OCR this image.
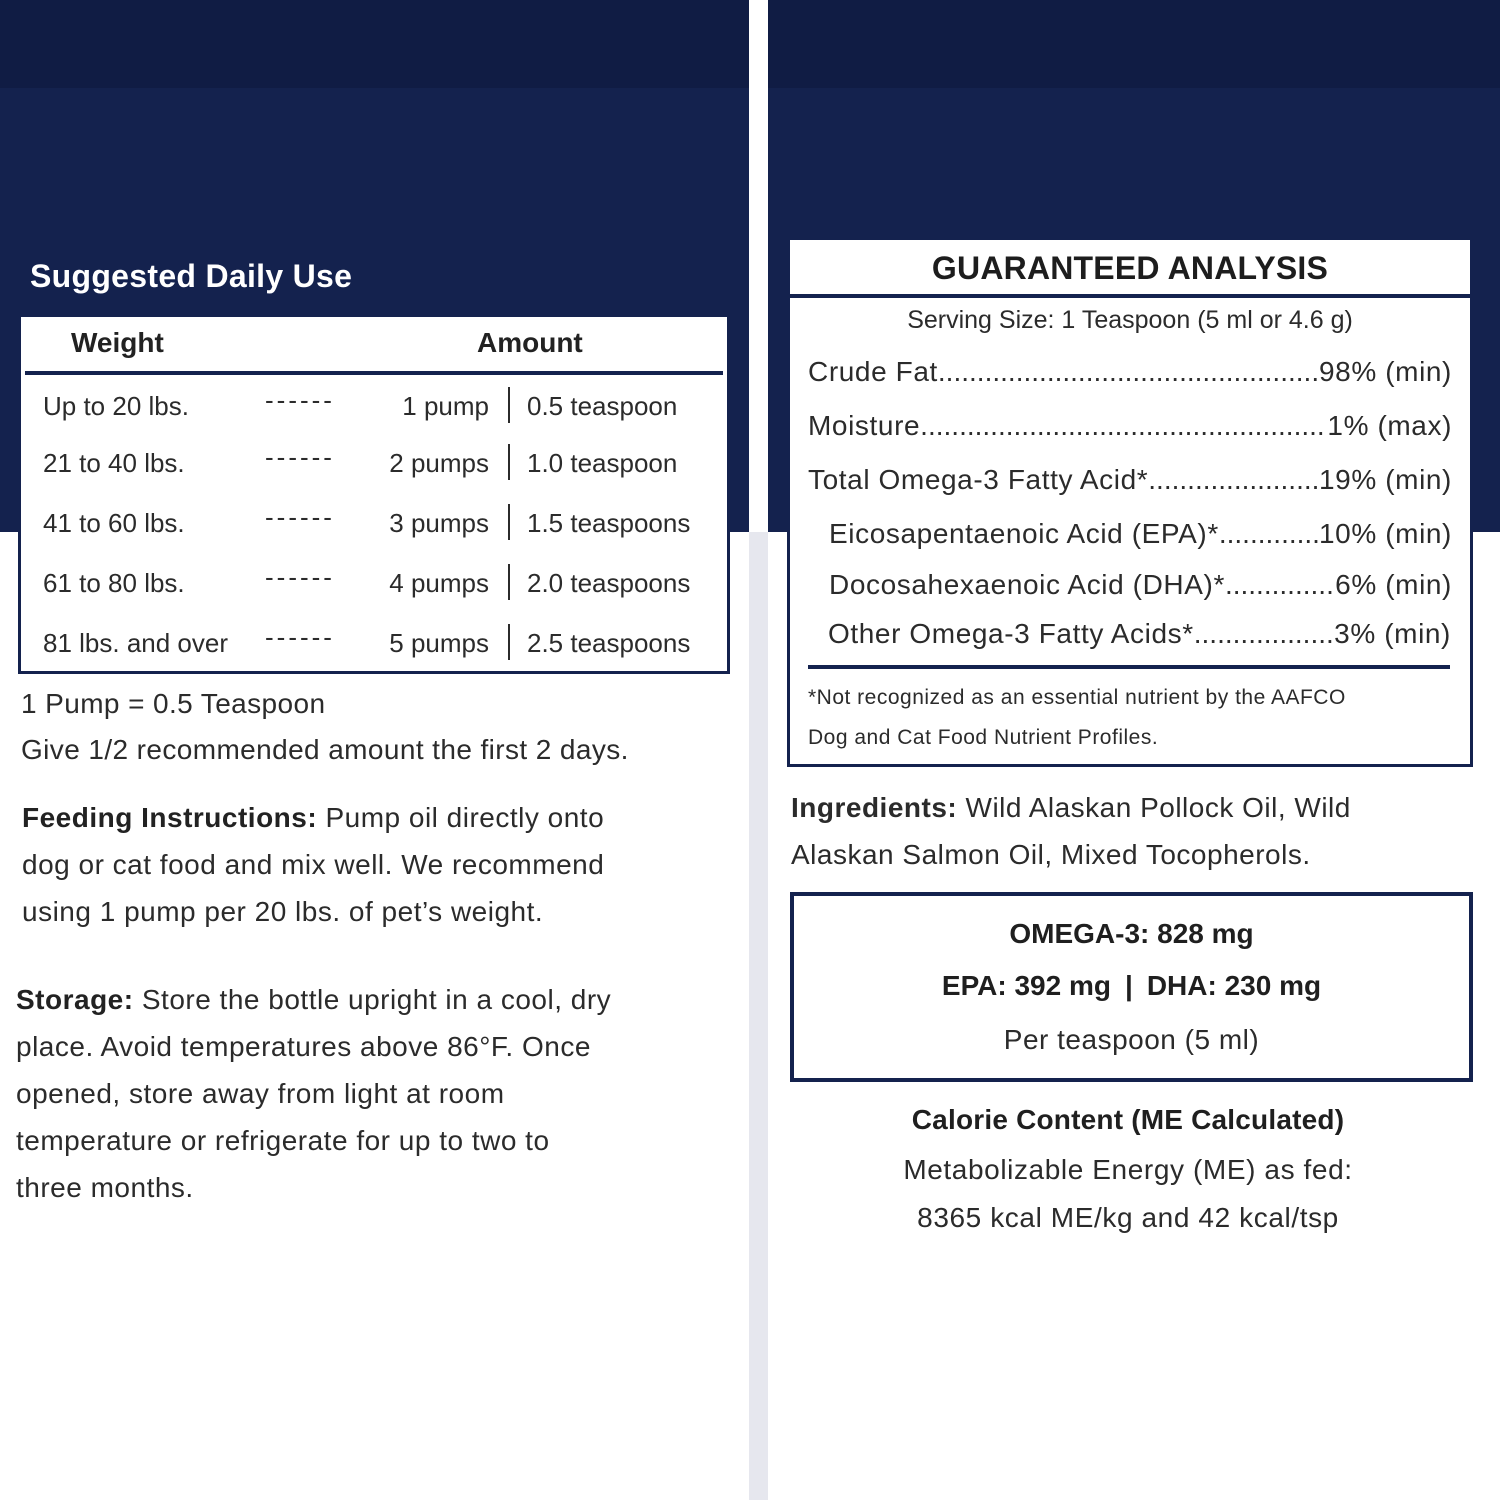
Suggested Daily Use
Weight	Amount
Up to 20 lbs.	------	1 pump 0.5 teaspoon
21 to 40 lbs.	------ 2 pumps 1.0 teaspoon
41 to 60 lbs.	------ 3 pumps 1.5 teaspoons
61 to 80 lbs.	------ 4 pumps 2.0 teaspoons
81 lbs. and over ------ 5 pumps 2.5 teaspoons
1 Pump = 0.5 Teaspoon
Give 1/2 recommended amount the first 2 days.
Feeding Instructions: Pump oil directly onto
dog or cat food and mix well. We recommend
using 1 pump per 20 lbs. of pet’s weight.
Storage: Store the bottle upright in a cool, dry
place. Avoid temperatures above 86°F. Once
opened, store away from light at room
temperature or refrigerate for up to two to
three months.
GUARANTEED ANALYSIS
Serving Size: 1 Teaspoon (5 ml or 4.6 g)
Crude Fat .....	98% (min)
Moisture .....	1% (max)
Total Omega-3 Fatty Acid* .....	19% (min)
Eicosapentaenoic Acid (EPA)* .....	10% (min)
Docosahexaenoic Acid (DHA)* .....	6% (min)
Other Omega-3 Fatty Acids* .....	3% (min)
*Not recognized as an essential nutrient by the AAFCO
Dog and Cat Food Nutrient Profiles.
Ingredients: Wild Alaskan Pollock Oil, Wild
Alaskan Salmon Oil, Mixed Tocopherols.
OMEGA-3: 828 mg
EPA: 392 mg | DHA: 230 mg
Per teaspoon (5 ml)
Calorie Content (ME Calculated)
Metabolizable Energy (ME) as fed:
8365 kcal ME/kg and 42 kcal/tsp
